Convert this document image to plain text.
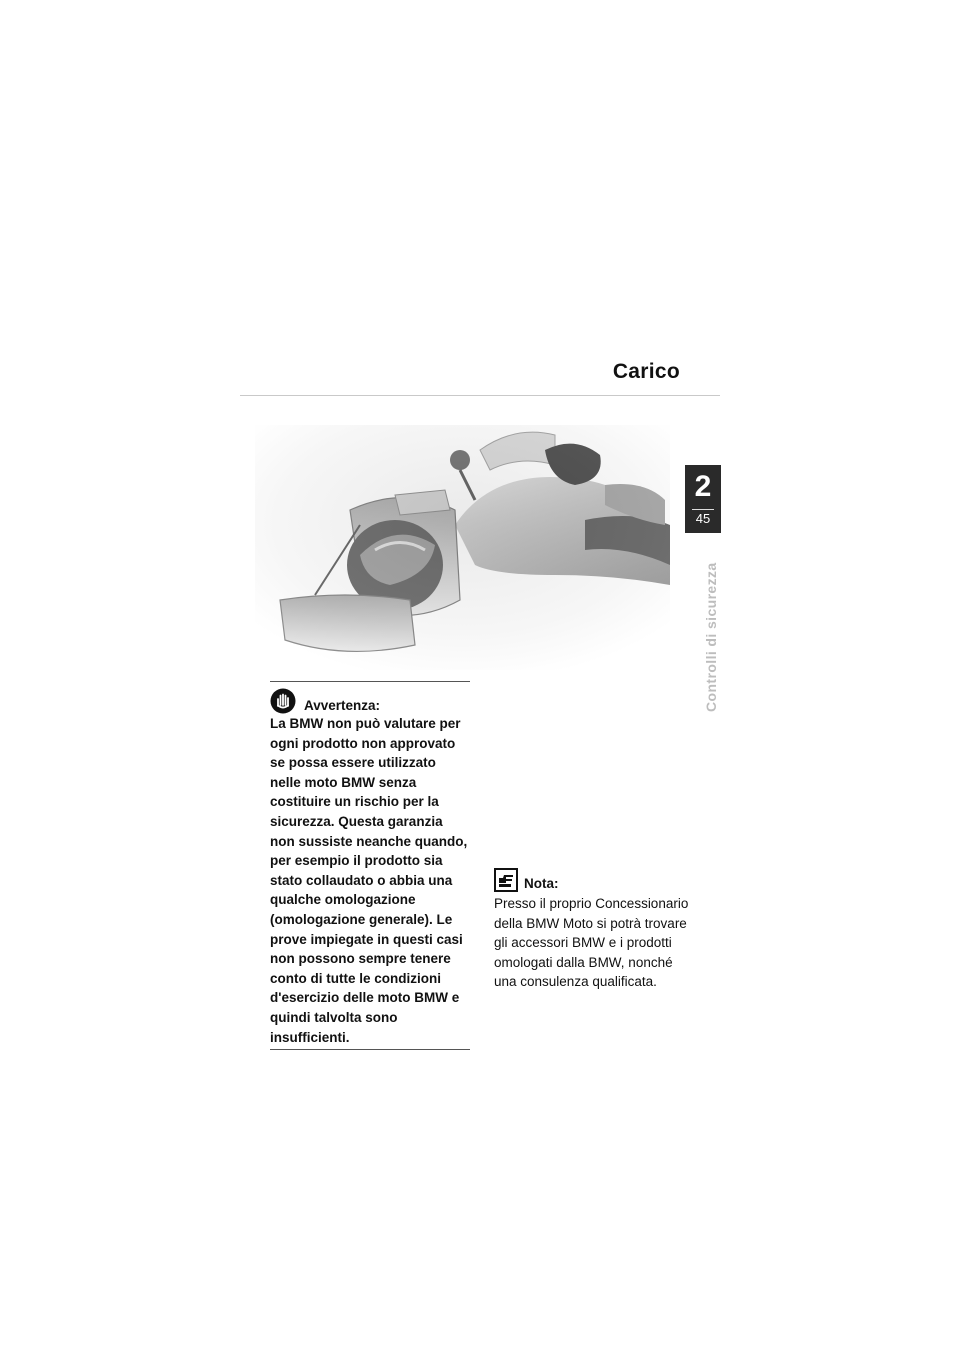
Carico
2
45
Controlli di sicurezza
Avvertenza:

La BMW non può valutare per ogni prodotto non approvato se possa essere utilizzato nelle moto BMW senza costituire un rischio per la sicurezza. Questa garanzia non sussiste neanche quando, per esempio il prodotto sia stato collaudato o abbia una qualche omologazione (omologazione generale). Le prove impiegate in questi casi non possono sempre tenere conto di tutte le condizioni d'esercizio delle moto BMW e quindi talvolta sono insufficienti.

Nota:

Presso il proprio Concessionario della BMW Moto si potrà trovare gli accessori BMW e i prodotti omologati dalla BMW, nonché una consulenza qualificata.
